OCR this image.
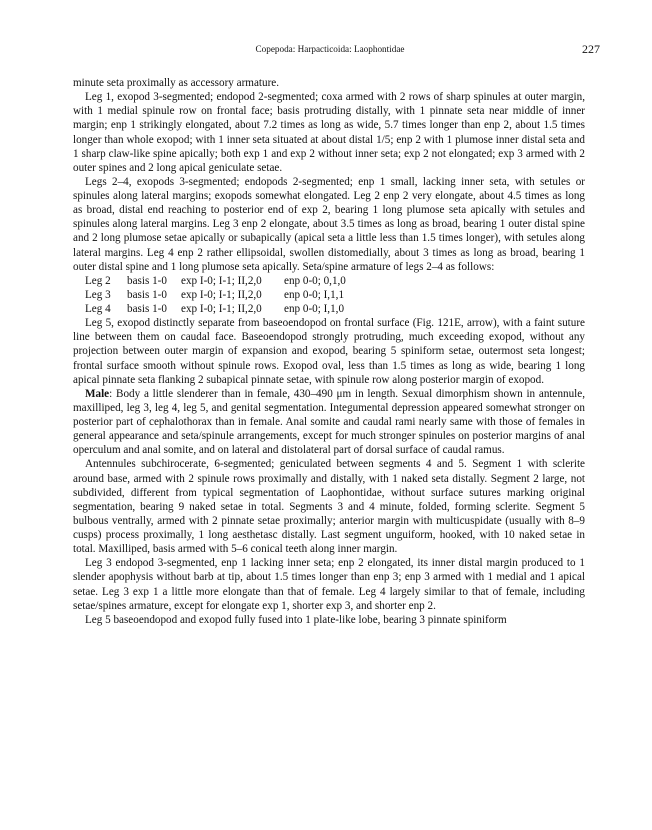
Copepoda: Harpacticoida: Laophontidae	227

minute seta proximally as accessory armature.

Leg 1, exopod 3-segmented; endopod 2-segmented; coxa armed with 2 rows of sharp spinules at outer margin, with 1 medial spinule row on frontal face; basis protruding distally, with 1 pinnate seta near middle of inner margin; enp 1 strikingly elongated, about 7.2 times as long as wide, 5.7 times longer than enp 2, about 1.5 times longer than whole exopod; with 1 inner seta situated at about distal 1/5; enp 2 with 1 plumose inner distal seta and 1 sharp claw-like spine apically; both exp 1 and exp 2 without inner seta; exp 2 not elongated; exp 3 armed with 2 outer spines and 2 long apical geniculate setae.

Legs 2–4, exopods 3-segmented; endopods 2-segmented; enp 1 small, lacking inner seta, with setules or spinules along lateral margins; exopods somewhat elongated. Leg 2 enp 2 very elongate, about 4.5 times as long as broad, distal end reaching to posterior end of exp 2, bearing 1 long plumose seta apically with setules and spinules along lateral margins. Leg 3 enp 2 elongate, about 3.5 times as long as broad, bearing 1 outer distal spine and 2 long plumose setae apically or subapically (apical seta a little less than 1.5 times longer), with setules along lateral margins. Leg 4 enp 2 rather ellipsoidal, swollen distomedially, about 3 times as long as broad, bearing 1 outer distal spine and 1 long plumose seta apically. Seta/spine armature of legs 2–4 as follows:

Leg 2	basis 1-0	exp I-0; I-1; II,2,0	enp 0-0; 0,1,0
Leg 3	basis 1-0	exp I-0; I-1; II,2,0	enp 0-0; I,1,1
Leg 4	basis 1-0	exp I-0; I-1; II,2,0	enp 0-0; I,1,0

Leg 5, exopod distinctly separate from baseoendopod on frontal surface (Fig. 121E, arrow), with a faint suture line between them on caudal face. Baseoendopod strongly protruding, much exceeding exopod, without any projection between outer margin of expansion and exopod, bearing 5 spiniform setae, outermost seta longest; frontal surface smooth without spinule rows. Exopod oval, less than 1.5 times as long as wide, bearing 1 long apical pinnate seta flanking 2 subapical pinnate setae, with spinule row along posterior margin of exopod.

Male: Body a little slenderer than in female, 430–490 μm in length. Sexual dimorphism shown in antennule, maxilliped, leg 3, leg 4, leg 5, and genital segmentation. Integumental depression appeared somewhat stronger on posterior part of cephalothorax than in female. Anal somite and caudal rami nearly same with those of females in general appearance and seta/spinule arrangements, except for much stronger spinules on posterior margins of anal operculum and anal somite, and on lateral and distolateral part of dorsal surface of caudal ramus.

Antennules subchirocerate, 6-segmented; geniculated between segments 4 and 5. Segment 1 with sclerite around base, armed with 2 spinule rows proximally and distally, with 1 naked seta distally. Segment 2 large, not subdivided, different from typical segmentation of Laophontidae, without surface sutures marking original segmentation, bearing 9 naked setae in total. Segments 3 and 4 minute, folded, forming sclerite. Segment 5 bulbous ventrally, armed with 2 pinnate setae proximally; anterior margin with multicuspidate (usually with 8–9 cusps) process proximally, 1 long aesthetasc distally. Last segment unguiform, hooked, with 10 naked setae in total. Maxilliped, basis armed with 5–6 conical teeth along inner margin.

Leg 3 endopod 3-segmented, enp 1 lacking inner seta; enp 2 elongated, its inner distal margin produced to 1 slender apophysis without barb at tip, about 1.5 times longer than enp 3; enp 3 armed with 1 medial and 1 apical setae. Leg 3 exp 1 a little more elongate than that of female. Leg 4 largely similar to that of female, including setae/spines armature, except for elongate exp 1, shorter exp 3, and shorter enp 2.

Leg 5 baseoendopod and exopod fully fused into 1 plate-like lobe, bearing 3 pinnate spiniform
